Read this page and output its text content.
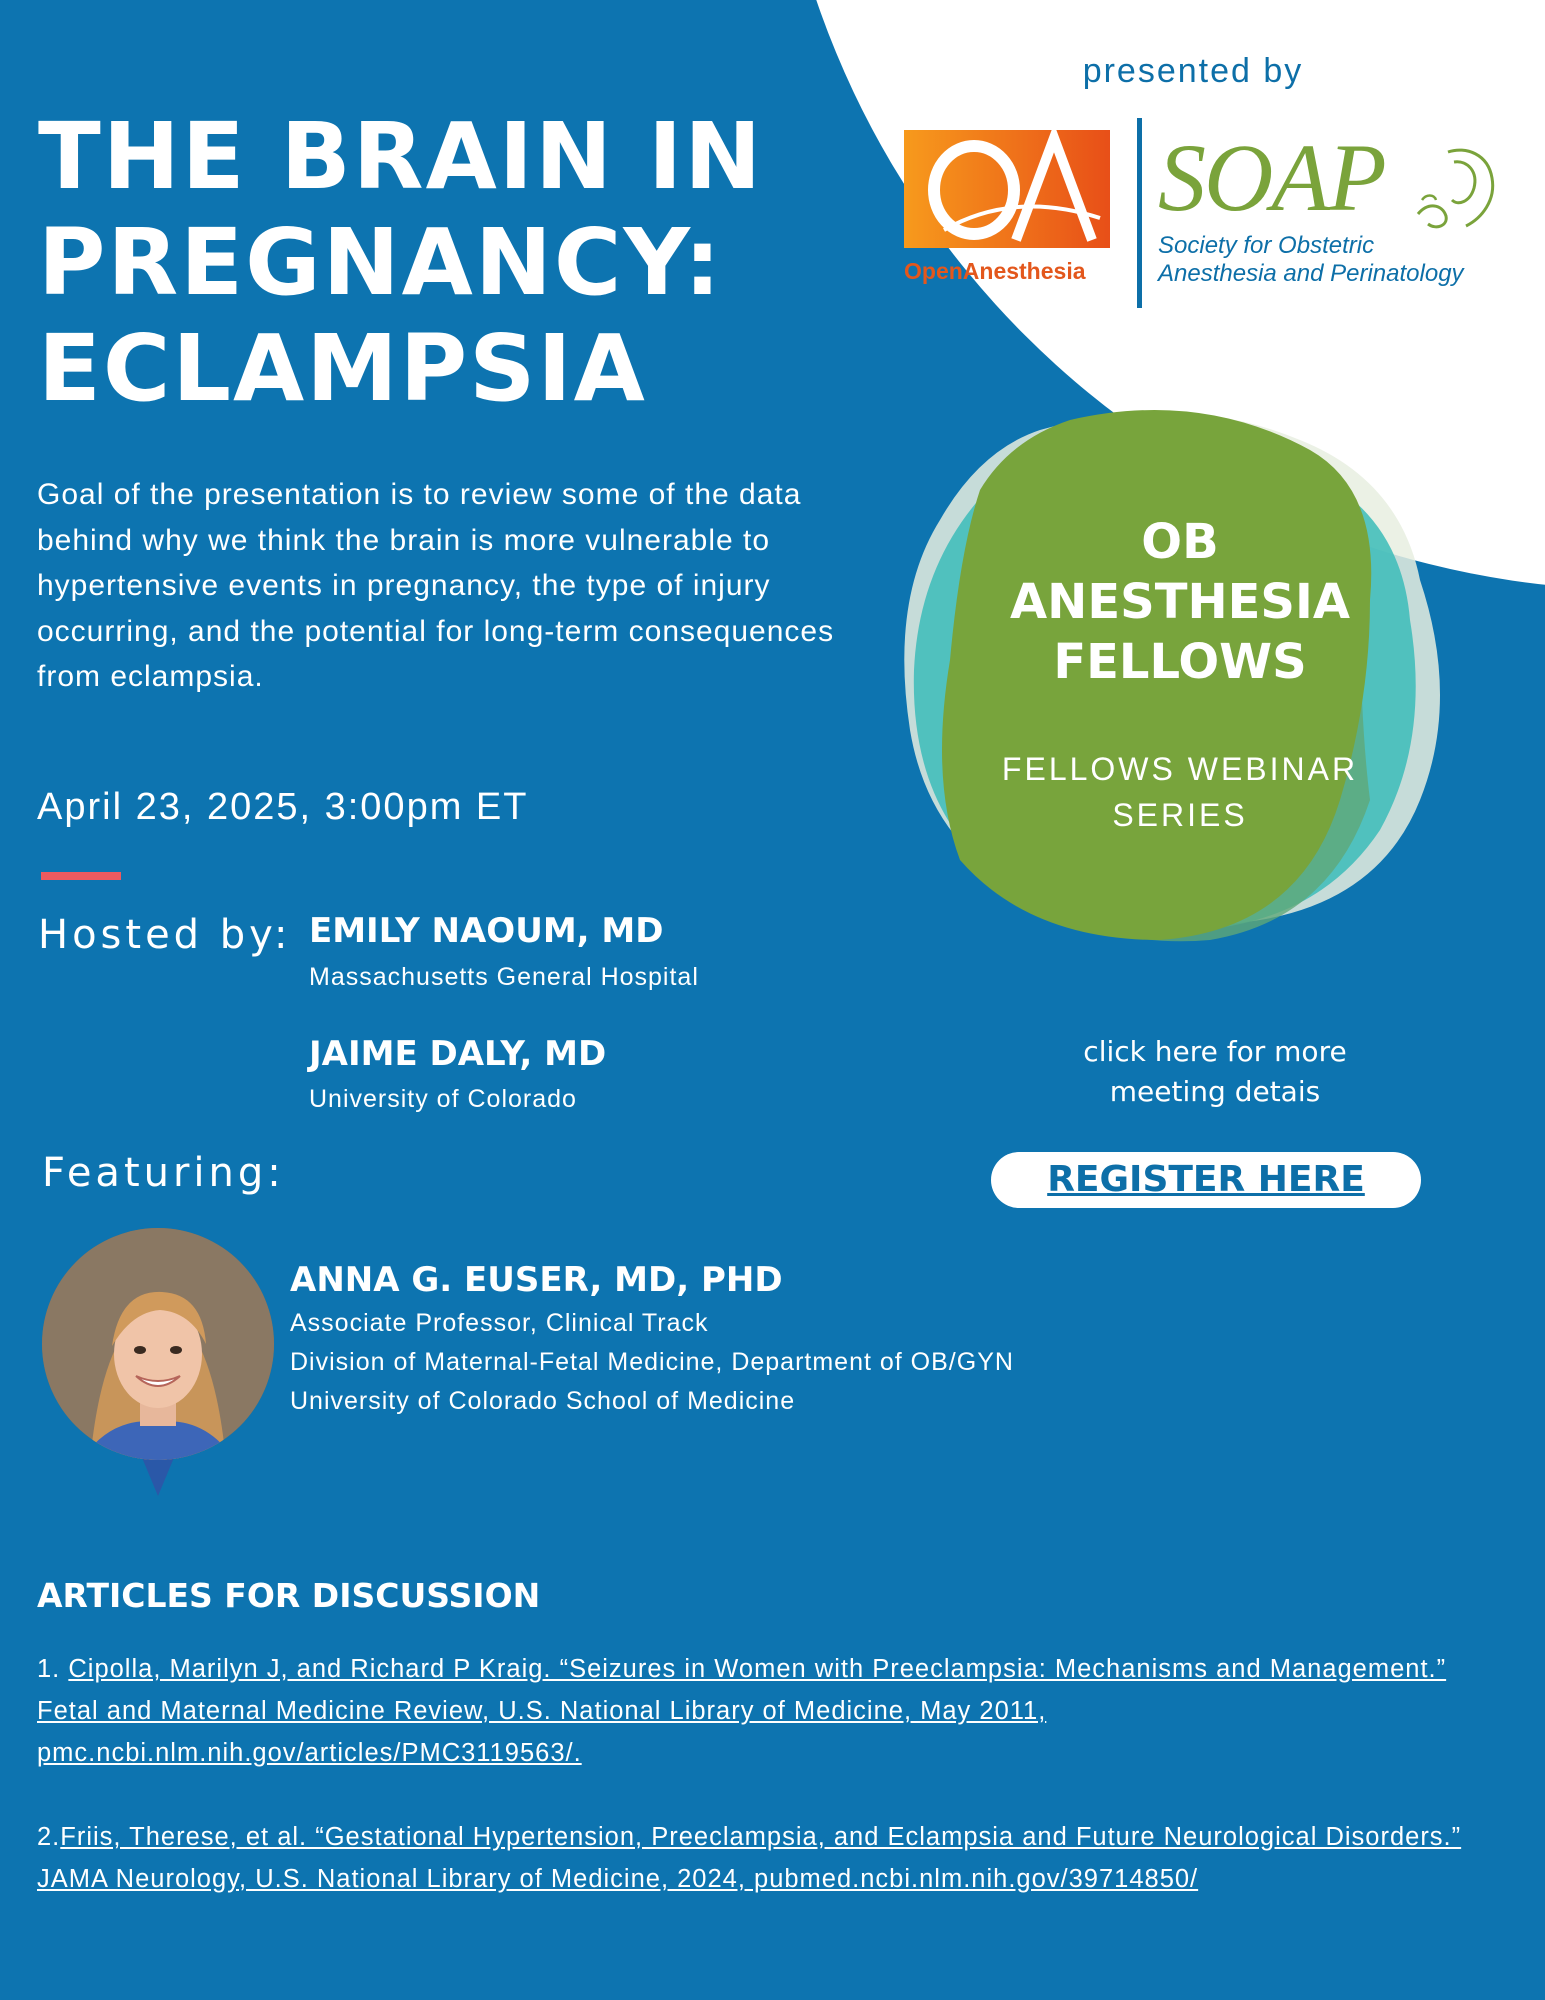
presented by
OpenAnesthesia
SOAP
Society for Obstetric
Anesthesia and Perinatology
THE BRAIN IN
PREGNANCY:
ECLAMPSIA
Goal of the presentation is to review some of the data behind why we think the brain is more vulnerable to hypertensive events in pregnancy, the type of injury occurring, and the potential for long-term consequences from eclampsia.
April 23, 2025, 3:00pm ET
Hosted by: EMILY NAOUM, MD
Massachusetts General Hospital
JAIME DALY, MD
University of Colorado
Featuring:
ANNA G. EUSER, MD, PHD
Associate Professor, Clinical Track
Division of Maternal-Fetal Medicine, Department of OB/GYN
University of Colorado School of Medicine
OB
ANESTHESIA
FELLOWS
FELLOWS WEBINAR SERIES
click here for more meeting detais
REGISTER HERE
ARTICLES FOR DISCUSSION
1. Cipolla, Marilyn J, and Richard P Kraig. “Seizures in Women with Preeclampsia: Mechanisms and Management.” Fetal and Maternal Medicine Review, U.S. National Library of Medicine, May 2011, pmc.ncbi.nlm.nih.gov/articles/PMC3119563/.
2.Friis, Therese, et al. “Gestational Hypertension, Preeclampsia, and Eclampsia and Future Neurological Disorders.” JAMA Neurology, U.S. National Library of Medicine, 2024, pubmed.ncbi.nlm.nih.gov/39714850/
